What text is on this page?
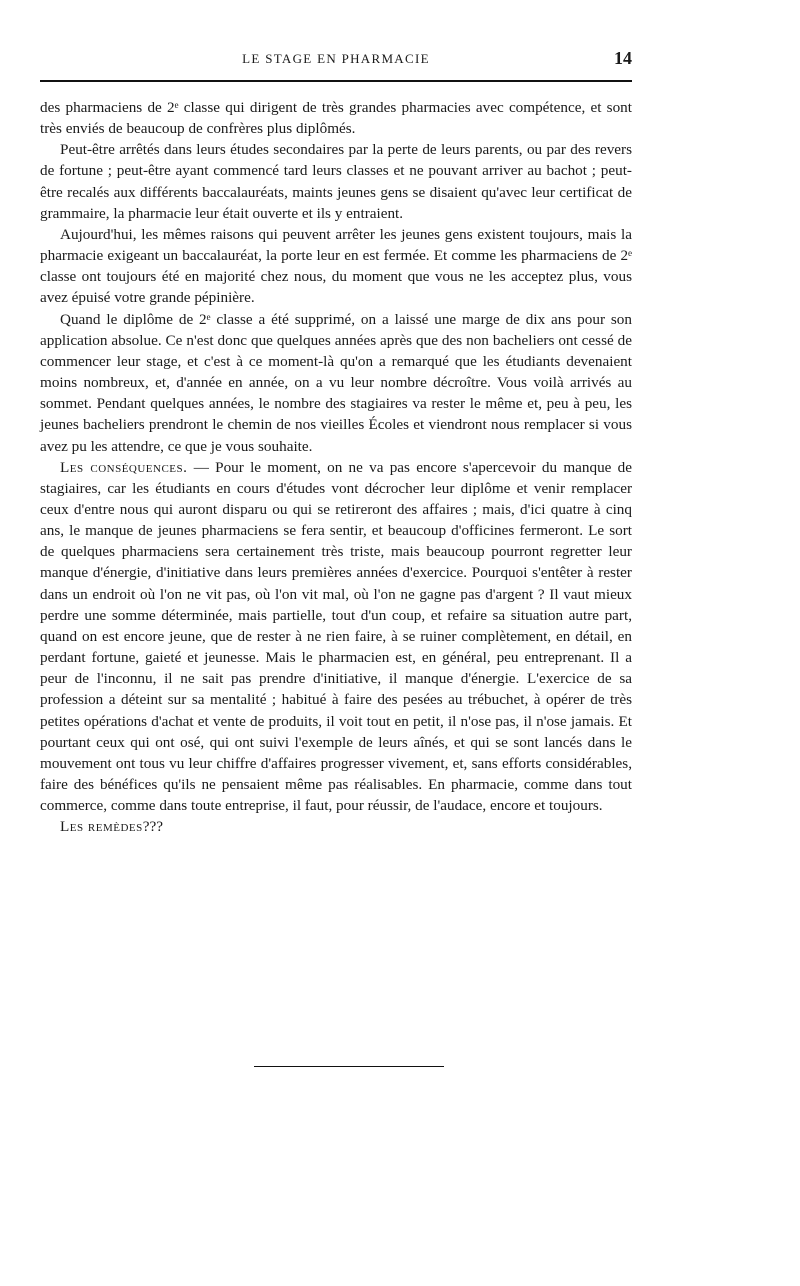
LE STAGE EN PHARMACIE	14

des pharmaciens de 2ᵉ classe qui dirigent de très grandes pharmacies avec compétence, et sont très enviés de beaucoup de confrères plus diplômés.

Peut-être arrêtés dans leurs études secondaires par la perte de leurs parents, ou par des revers de fortune ; peut-être ayant commencé tard leurs classes et ne pouvant arriver au bachot ; peut-être recalés aux différents baccalauréats, maints jeunes gens se disaient qu'avec leur certificat de grammaire, la pharmacie leur était ouverte et ils y entraient.

Aujourd'hui, les mêmes raisons qui peuvent arrêter les jeunes gens existent toujours, mais la pharmacie exigeant un baccalauréat, la porte leur en est fermée. Et comme les pharmaciens de 2ᵉ classe ont toujours été en majorité chez nous, du moment que vous ne les acceptez plus, vous avez épuisé votre grande pépinière.

Quand le diplôme de 2ᵉ classe a été supprimé, on a laissé une marge de dix ans pour son application absolue. Ce n'est donc que quelques années après que des non bacheliers ont cessé de commencer leur stage, et c'est à ce moment-là qu'on a remarqué que les étudiants devenaient moins nombreux, et, d'année en année, on a vu leur nombre décroître. Vous voilà arrivés au sommet. Pendant quelques années, le nombre des stagiaires va rester le même et, peu à peu, les jeunes bacheliers prendront le chemin de nos vieilles Écoles et viendront nous remplacer si vous avez pu les attendre, ce que je vous souhaite.

Les conséquences. — Pour le moment, on ne va pas encore s'apercevoir du manque de stagiaires, car les étudiants en cours d'études vont décrocher leur diplôme et venir remplacer ceux d'entre nous qui auront disparu ou qui se retireront des affaires ; mais, d'ici quatre à cinq ans, le manque de jeunes pharmaciens se fera sentir, et beaucoup d'officines fermeront. Le sort de quelques pharmaciens sera certainement très triste, mais beaucoup pourront regretter leur manque d'énergie, d'initiative dans leurs premières années d'exercice. Pourquoi s'entêter à rester dans un endroit où l'on ne vit pas, où l'on vit mal, où l'on ne gagne pas d'argent ? Il vaut mieux perdre une somme déterminée, mais partielle, tout d'un coup, et refaire sa situation autre part, quand on est encore jeune, que de rester à ne rien faire, à se ruiner complètement, en détail, en perdant fortune, gaieté et jeunesse. Mais le pharmacien est, en général, peu entreprenant. Il a peur de l'inconnu, il ne sait pas prendre d'initiative, il manque d'énergie. L'exercice de sa profession a déteint sur sa mentalité ; habitué à faire des pesées au trébuchet, à opérer de très petites opérations d'achat et vente de produits, il voit tout en petit, il n'ose pas, il n'ose jamais. Et pourtant ceux qui ont osé, qui ont suivi l'exemple de leurs aînés, et qui se sont lancés dans le mouvement ont tous vu leur chiffre d'affaires progresser vivement, et, sans efforts considérables, faire des bénéfices qu'ils ne pensaient même pas réalisables. En pharmacie, comme dans tout commerce, comme dans toute entreprise, il faut, pour réussir, de l'audace, encore et toujours.

Les remèdes???
